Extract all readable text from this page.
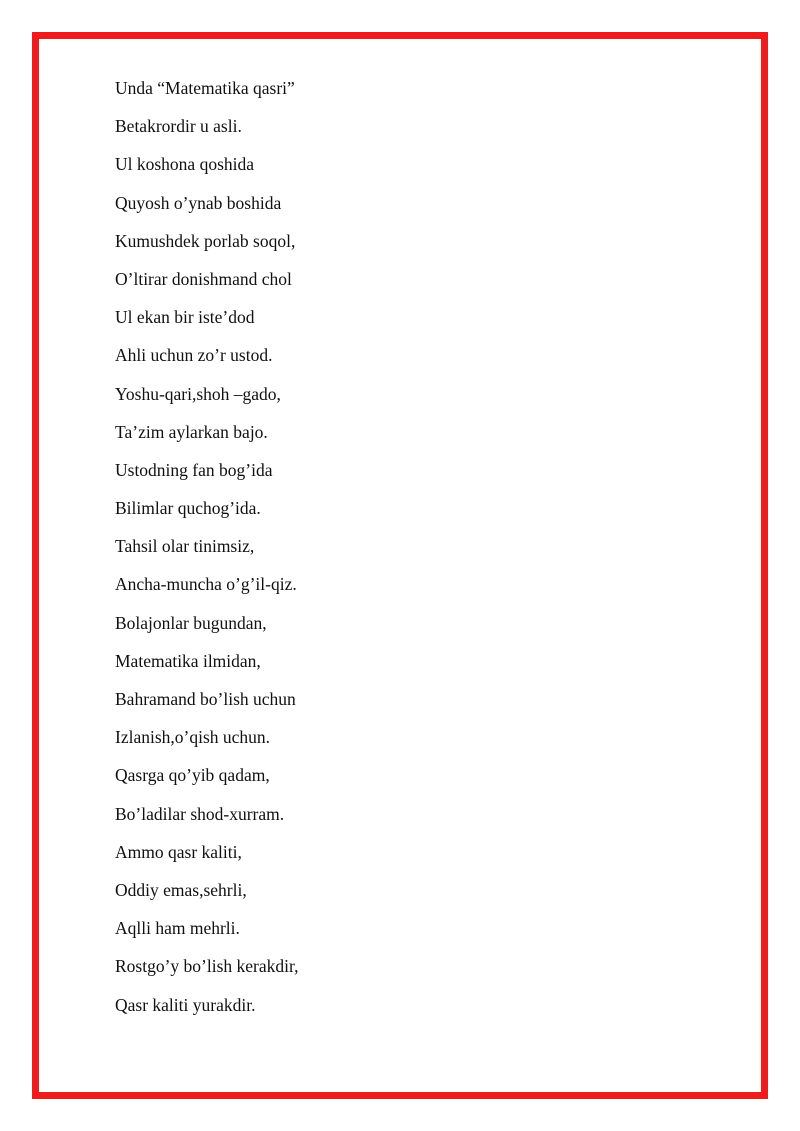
Unda “Matematika qasri”
Betakrordir u asli.
Ul koshona qoshida
Quyosh o’ynab boshida
Kumushdek porlab soqol,
O’ltirar donishmand chol
Ul ekan bir iste’dod
Ahli uchun zo’r ustod.
Yoshu-qari,shoh –gado,
Ta’zim aylarkan bajo.
Ustodning fan bog’ida
Bilimlar quchog’ida.
Tahsil olar tinimsiz,
Ancha-muncha o’g’il-qiz.
Bolajonlar bugundan,
Matematika ilmidan,
Bahramand bo’lish uchun
Izlanish,o’qish uchun.
Qasrga qo’yib qadam,
Bo’ladilar shod-xurram.
Ammo qasr kaliti,
Oddiy emas,sehrli,
Aqlli ham mehrli.
Rostgo’y bo’lish kerakdir,
Qasr kaliti yurakdir.
